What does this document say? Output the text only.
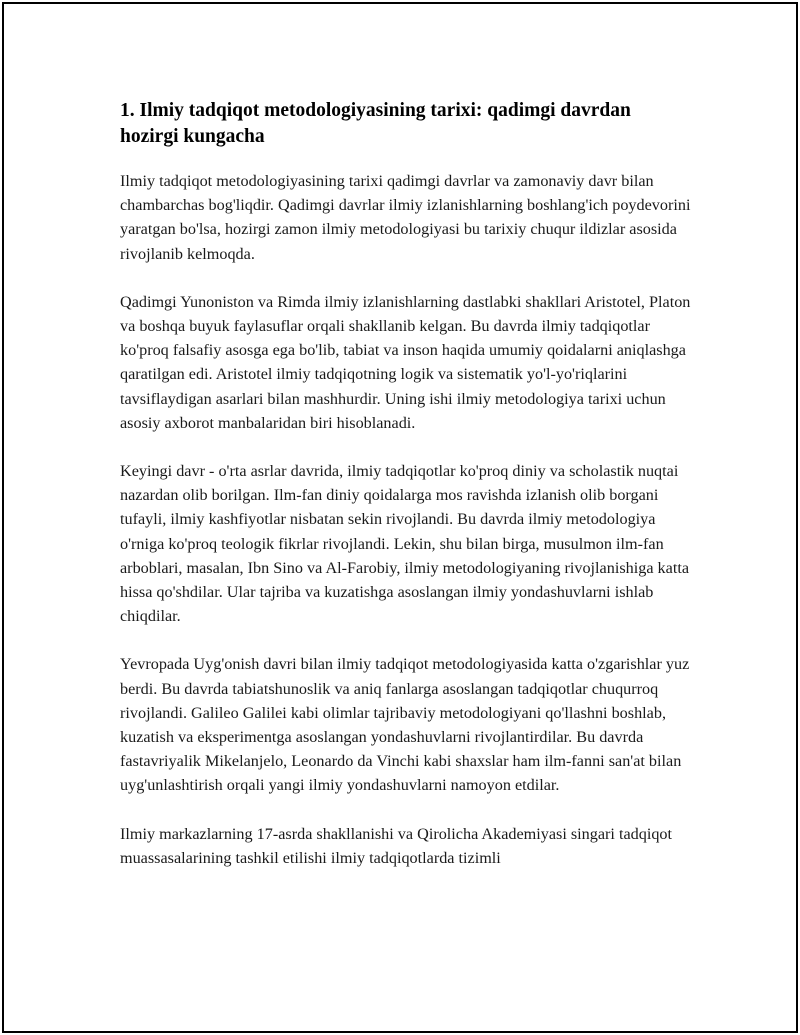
1. Ilmiy tadqiqot metodologiyasining tarixi: qadimgi davrdan hozirgi kungacha

Ilmiy tadqiqot metodologiyasining tarixi qadimgi davrlar va zamonaviy davr bilan chambarchas bog'liqdir. Qadimgi davrlar ilmiy izlanishlarning boshlang'ich poydevorini yaratgan bo'lsa, hozirgi zamon ilmiy metodologiyasi bu tarixiy chuqur ildizlar asosida rivojlanib kelmoqda.

Qadimgi Yunoniston va Rimda ilmiy izlanishlarning dastlabki shakllari Aristotel, Platon va boshqa buyuk faylasuflar orqali shakllanib kelgan. Bu davrda ilmiy tadqiqotlar ko'proq falsafiy asosga ega bo'lib, tabiat va inson haqida umumiy qoidalarni aniqlashga qaratilgan edi. Aristotel ilmiy tadqiqotning logik va sistematik yo'l-yo'riqlarini tavsiflaydigan asarlari bilan mashhurdir. Uning ishi ilmiy metodologiya tarixi uchun asosiy axborot manbalaridan biri hisoblanadi.

Keyingi davr - o'rta asrlar davrida, ilmiy tadqiqotlar ko'proq diniy va scholastik nuqtai nazardan olib borilgan. Ilm-fan diniy qoidalarga mos ravishda izlanish olib borgani tufayli, ilmiy kashfiyotlar nisbatan sekin rivojlandi. Bu davrda ilmiy metodologiya o'rniga ko'proq teologik fikrlar rivojlandi. Lekin, shu bilan birga, musulmon ilm-fan arboblari, masalan, Ibn Sino va Al-Farobiy, ilmiy metodologiyaning rivojlanishiga katta hissa qo'shdilar. Ular tajriba va kuzatishga asoslangan ilmiy yondashuvlarni ishlab chiqdilar.

Yevropada Uyg'onish davri bilan ilmiy tadqiqot metodologiyasida katta o'zgarishlar yuz berdi. Bu davrda tabiatshunoslik va aniq fanlarga asoslangan tadqiqotlar chuqurroq rivojlandi. Galileo Galilei kabi olimlar tajribaviy metodologiyani qo'llashni boshlab, kuzatish va eksperimentga asoslangan yondashuvlarni rivojlantirdilar. Bu davrda fastavriyalik Mikelanjelo, Leonardo da Vinchi kabi shaxslar ham ilm-fanni san'at bilan uyg'unlashtirish orqali yangi ilmiy yondashuvlarni namoyon etdilar.

Ilmiy markazlarning 17-asrda shakllanishi va Qirolicha Akademiyasi singari tadqiqot muassasalarining tashkil etilishi ilmiy tadqiqotlarda tizimli
